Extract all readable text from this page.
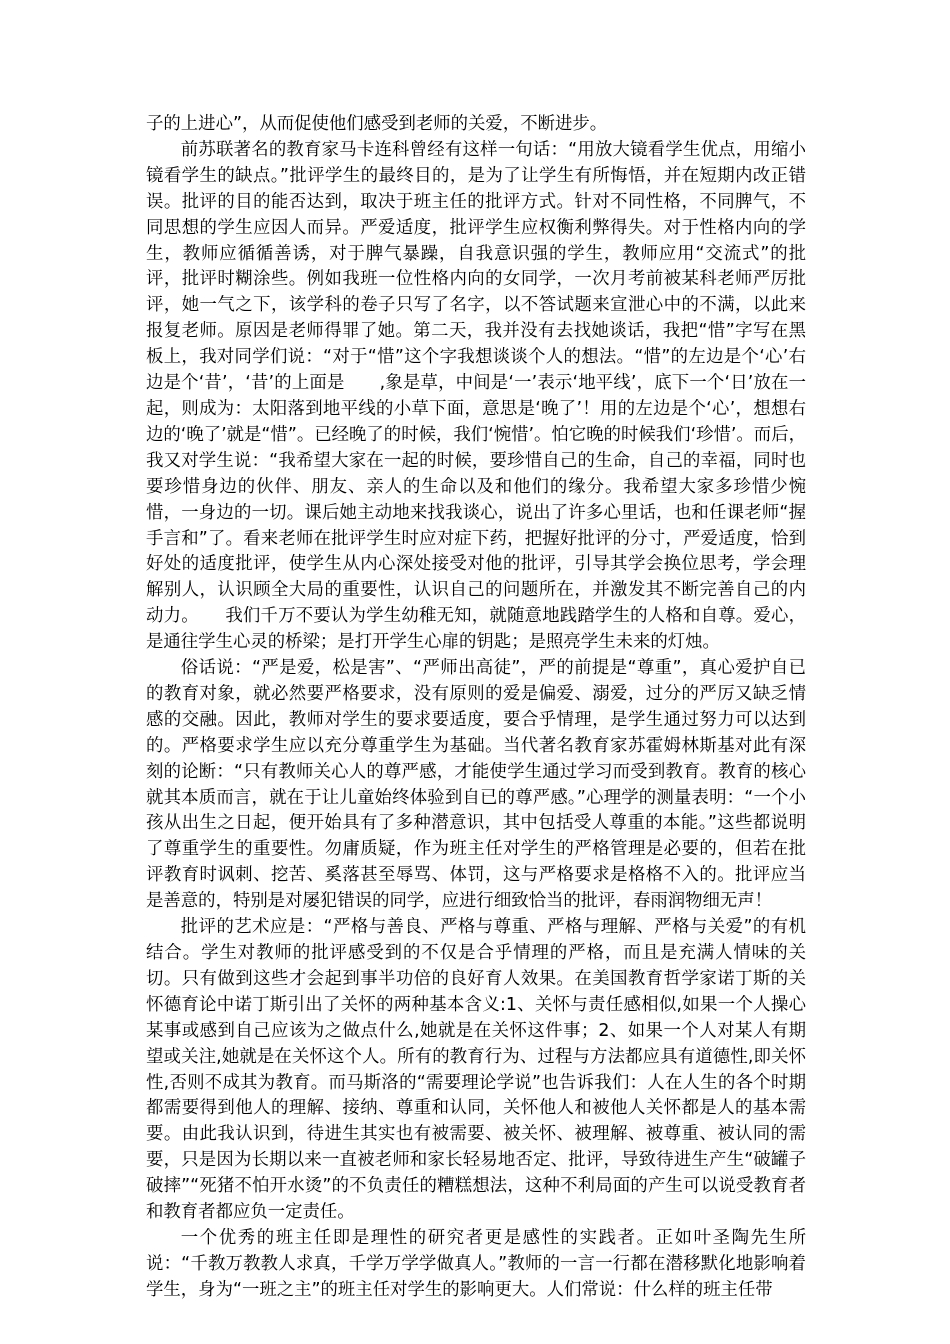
子的上进心”，从而促使他们感受到老师的关爱，不断进步。

前苏联著名的教育家马卡连科曾经有这样一句话：“用放大镜看学生优点，用缩小镜看学生的缺点。”批评学生的最终目的，是为了让学生有所悔悟，并在短期内改正错误。批评的目的能否达到，取决于班主任的批评方式。针对不同性格，不同脾气，不同思想的学生应因人而异。严爱适度，批评学生应权衡利弊得失。对于性格内向的学生，教师应循循善诱，对于脾气暴躁，自我意识强的学生，教师应用“交流式”的批评，批评时糊涂些。例如我班一位性格内向的女同学，一次月考前被某科老师严厉批评，她一气之下，该学科的卷子只写了名字，以不答试题来宣泄心中的不满，以此来报复老师。原因是老师得罪了她。第二天，我并没有去找她谈话，我把“惜”字写在黑板上，我对同学们说：“对于“惜”这个字我想谈谈个人的想法。“惜”的左边是个‘心’右边是个‘昔’，‘昔’的上面是　　,象是草，中间是‘一’表示‘地平线’，底下一个‘日’放在一起，则成为：太阳落到地平线的小草下面，意思是‘晚了’！用的左边是个‘心’，想想右边的‘晚了’就是“惜”。已经晚了的时候，我们‘惋惜’。怕它晚的时候我们‘珍惜’。而后，我又对学生说：“我希望大家在一起的时候，要珍惜自己的生命，自己的幸福，同时也要珍惜身边的伙伴、朋友、亲人的生命以及和他们的缘分。我希望大家多珍惜少惋惜，一身边的一切。课后她主动地来找我谈心，说出了许多心里话，也和任课老师“握手言和”了。看来老师在批评学生时应对症下药，把握好批评的分寸，严爱适度，恰到好处的适度批评，使学生从内心深处接受对他的批评，引导其学会换位思考，学会理解别人，认识顾全大局的重要性，认识自己的问题所在，并激发其不断完善自己的内动力。　　我们千万不要认为学生幼稚无知，就随意地践踏学生的人格和自尊。爱心，是通往学生心灵的桥梁；是打开学生心扉的钥匙；是照亮学生未来的灯烛。

俗话说：“严是爱，松是害”、“严师出高徒”，严的前提是“尊重”，真心爱护自已的教育对象，就必然要严格要求，没有原则的爱是偏爱、溺爱，过分的严厉又缺乏情感的交融。因此，教师对学生的要求要适度，要合乎情理，是学生通过努力可以达到的。严格要求学生应以充分尊重学生为基础。当代著名教育家苏霍姆林斯基对此有深刻的论断：“只有教师关心人的尊严感，才能使学生通过学习而受到教育。教育的核心就其本质而言，就在于让儿童始终体验到自已的尊严感。”心理学的测量表明：“一个小孩从出生之日起，便开始具有了多种潜意识，其中包括受人尊重的本能。”这些都说明了尊重学生的重要性。勿庸质疑，作为班主任对学生的严格管理是必要的，但若在批评教育时讽刺、挖苦、奚落甚至辱骂、体罚，这与严格要求是格格不入的。批评应当是善意的，特别是对屡犯错误的同学，应进行细致恰当的批评，春雨润物细无声！

批评的艺术应是：“严格与善良、严格与尊重、严格与理解、严格与关爱”的有机结合。学生对教师的批评感受到的不仅是合乎情理的严格，而且是充满人情味的关切。只有做到这些才会起到事半功倍的良好育人效果。在美国教育哲学家诺丁斯的关怀德育论中诺丁斯引出了关怀的两种基本含义:1、关怀与责任感相似,如果一个人操心某事或感到自己应该为之做点什么,她就是在关怀这件事；2、如果一个人对某人有期望或关注,她就是在关怀这个人。所有的教育行为、过程与方法都应具有道德性,即关怀性,否则不成其为教育。而马斯洛的“需要理论学说”也告诉我们：人在人生的各个时期都需要得到他人的理解、接纳、尊重和认同，关怀他人和被他人关怀都是人的基本需要。由此我认识到，待进生其实也有被需要、被关怀、被理解、被尊重、被认同的需要，只是因为长期以来一直被老师和家长轻易地否定、批评，导致待进生产生“破罐子破摔”“死猪不怕开水烫”的不负责任的糟糕想法，这种不利局面的产生可以说受教育者和教育者都应负一定责任。

一个优秀的班主任即是理性的研究者更是感性的实践者。正如叶圣陶先生所说：“千教万教教人求真，千学万学学做真人。”教师的一言一行都在潜移默化地影响着学生，身为“一班之主”的班主任对学生的影响更大。人们常说：什么样的班主任带
